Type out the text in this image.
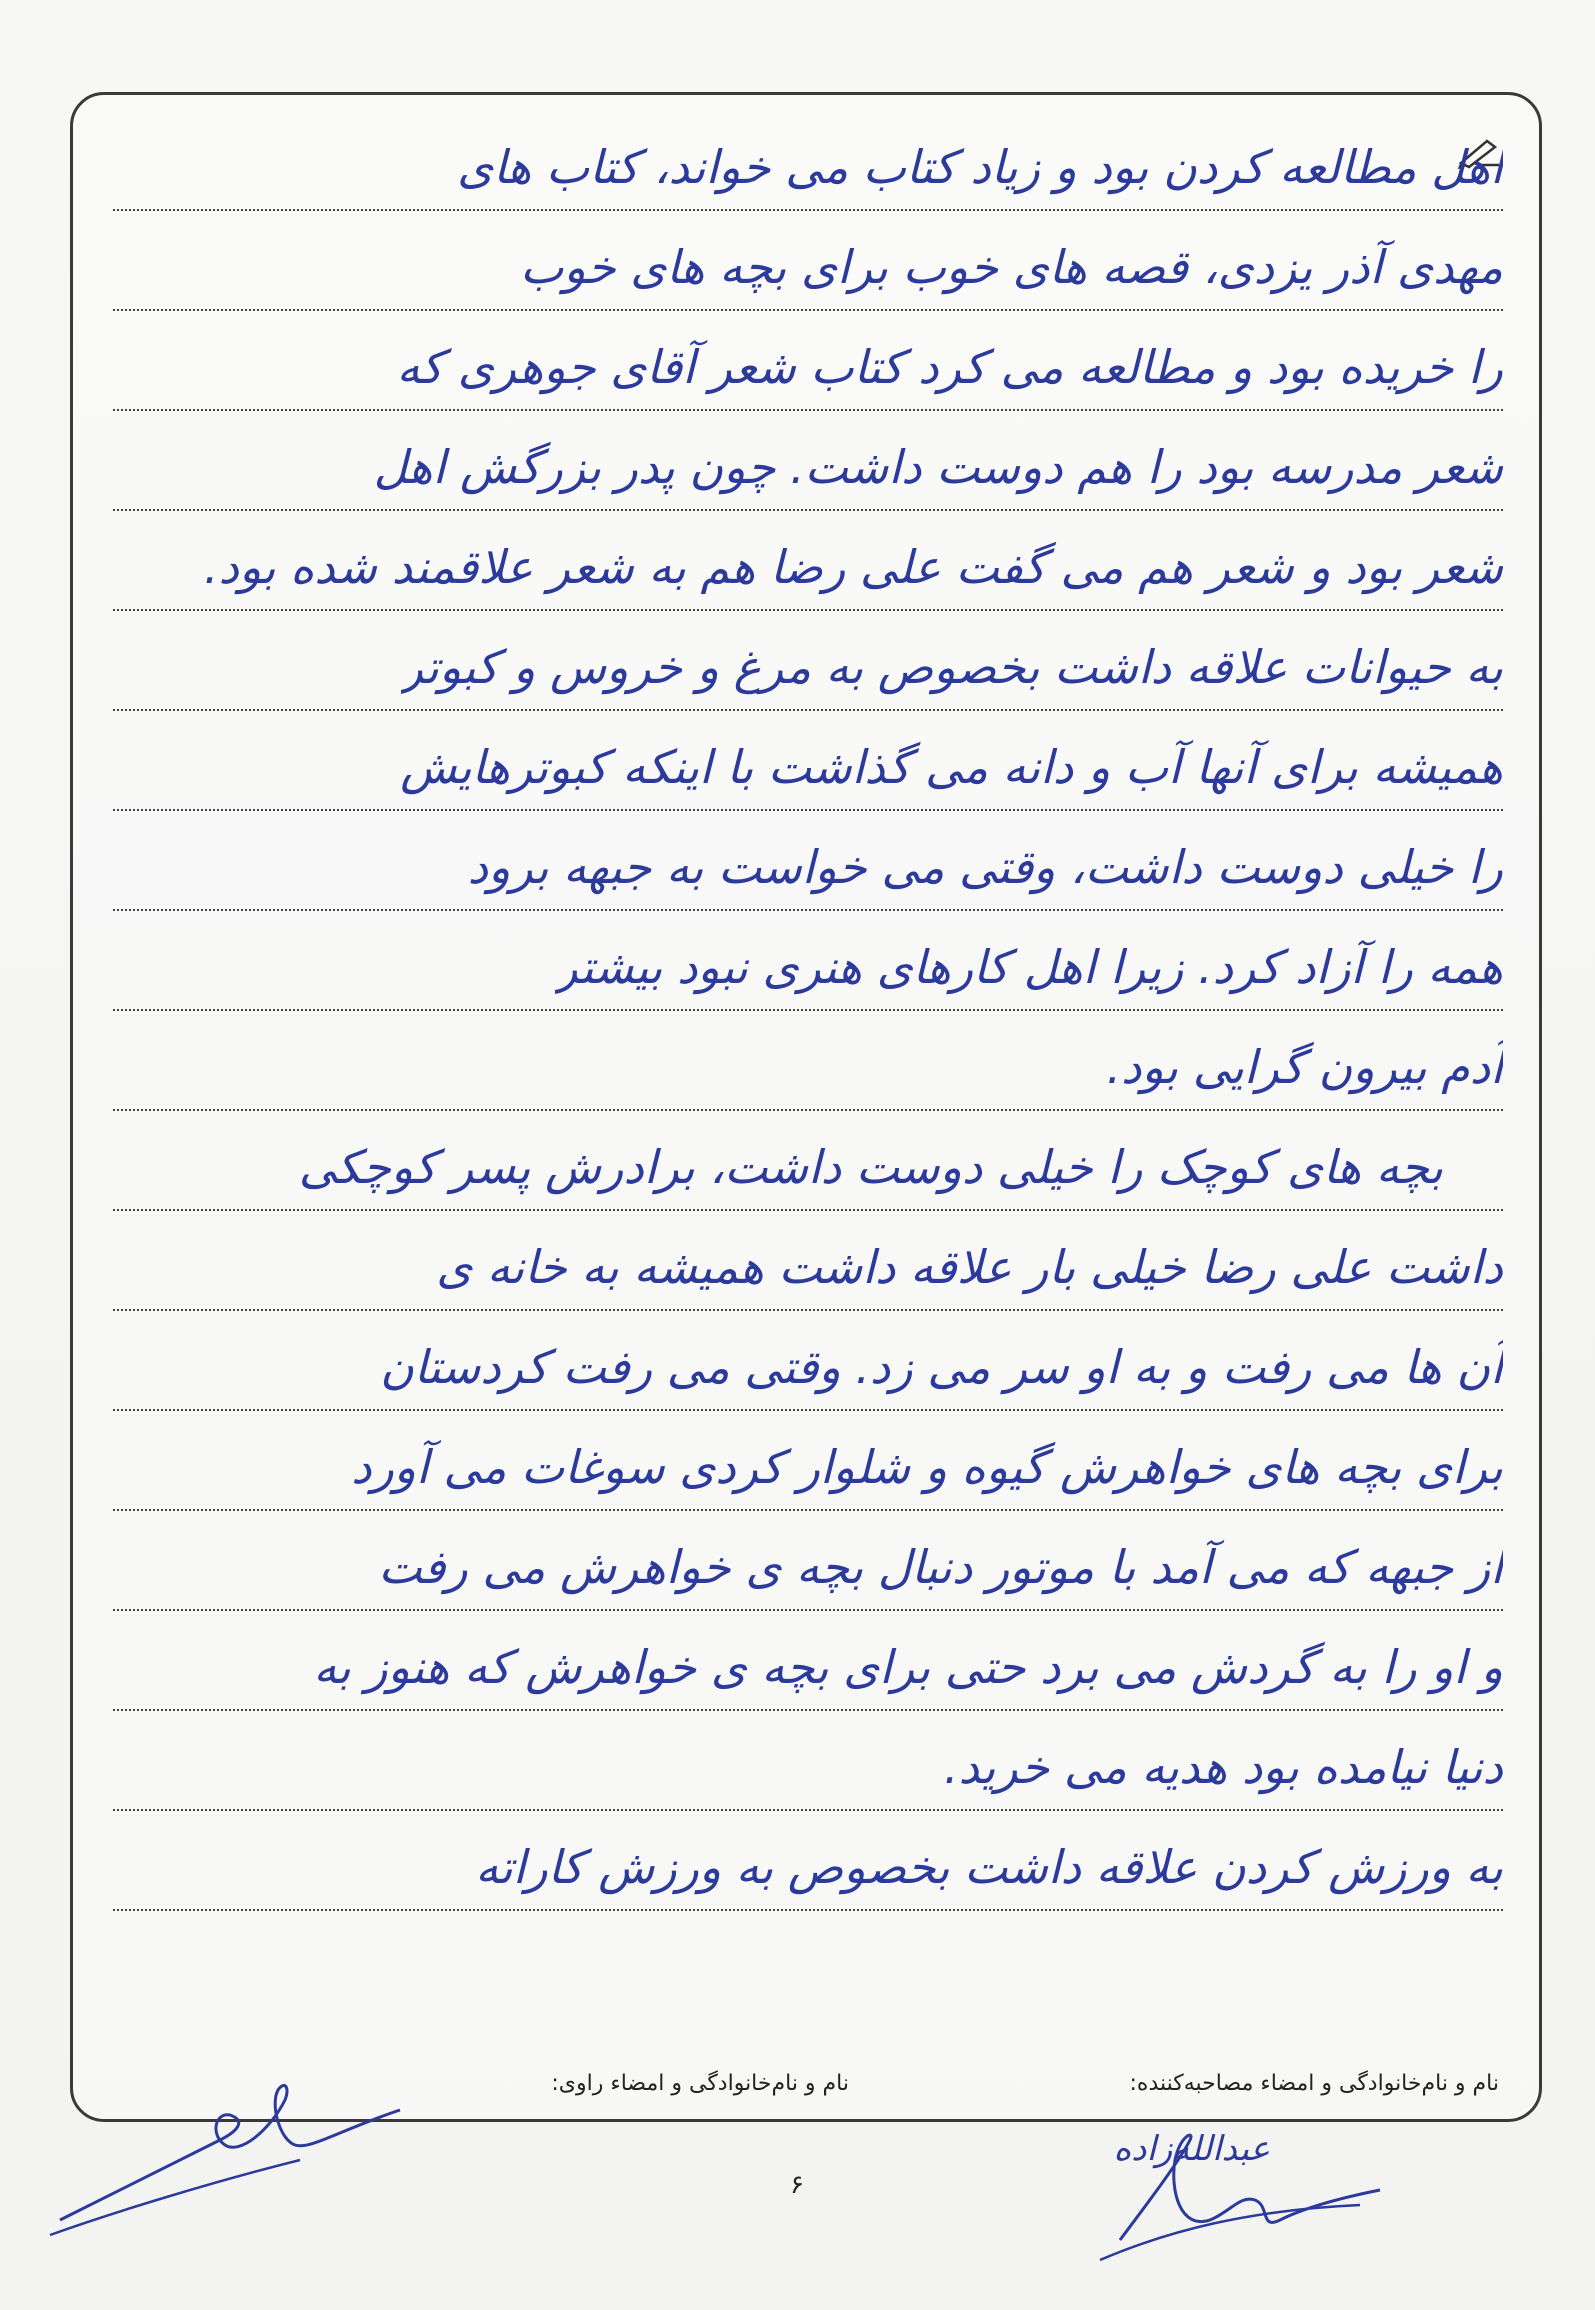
اهل مطالعه کردن بود و زیاد کتاب می خواند، کتاب های
مهدی آذر یزدی، قصه های خوب برای بچه های خوب
را خریده بود و مطالعه می کرد کتاب شعر آقای جوهری که
شعر مدرسه بود را هم دوست داشت. چون پدر بزرگش اهل
شعر بود و شعر هم می گفت علی رضا هم به شعر علاقمند شده بود.
به حیوانات علاقه داشت بخصوص به مرغ و خروس و کبوتر
همیشه برای آنها آب و دانه می گذاشت با اینکه کبوترهایش
را خیلی دوست داشت، وقتی می خواست به جبهه برود
همه را آزاد کرد. زیرا اهل کارهای هنری نبود بیشتر
آدم بیرون گرایی بود.
بچه های کوچک را خیلی دوست داشت، برادرش پسر کوچکی
داشت علی رضا خیلی بار علاقه داشت همیشه به خانه ی
آن ها می رفت و به او سر می زد. وقتی می رفت کردستان
برای بچه های خواهرش گیوه و شلوار کردی سوغات می آورد
از جبهه که می آمد با موتور دنبال بچه ی خواهرش می رفت
و او را به گردش می برد حتی برای بچه ی خواهرش که هنوز به
دنیا نیامده بود هدیه می خرید.
به ورزش کردن علاقه داشت بخصوص به ورزش کاراته
نام و نام‌خانوادگی و امضاء مصاحبه‌کننده:
نام و نام‌خانوادگی و امضاء راوی:
۶
عبدالله‌زاده
